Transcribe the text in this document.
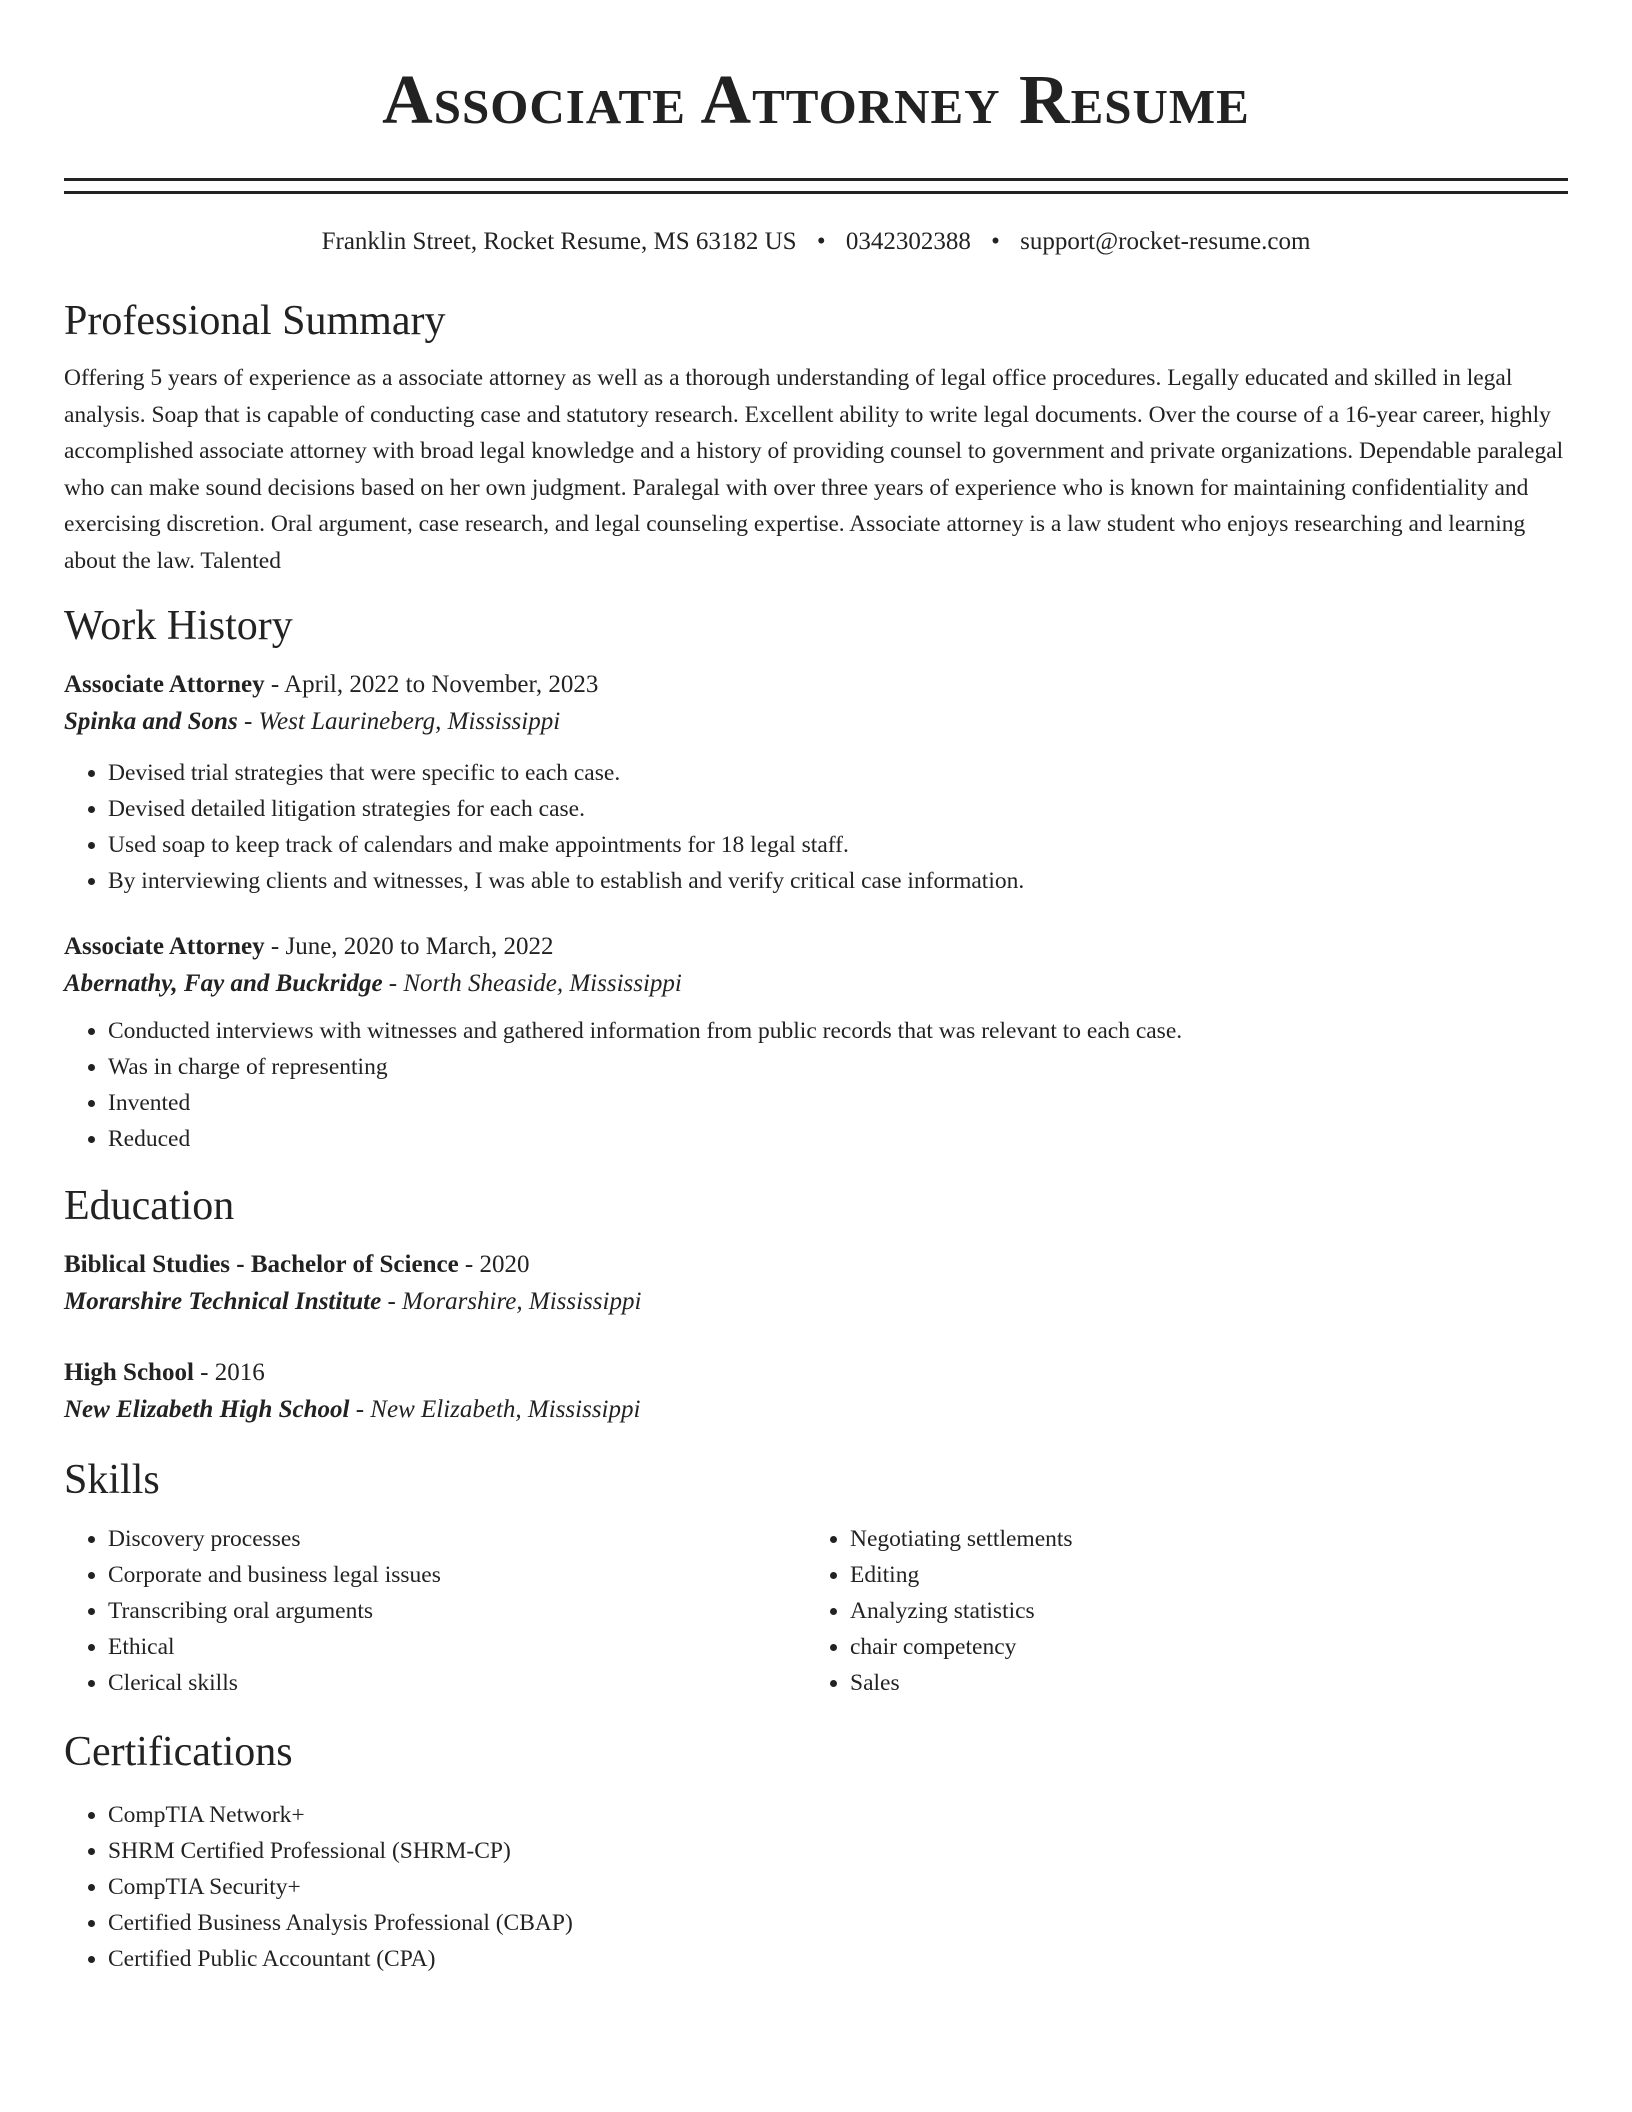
Associate Attorney Resume
Franklin Street, Rocket Resume, MS 63182 US • 0342302388 • support@rocket-resume.com
Professional Summary

Offering 5 years of experience as a associate attorney as well as a thorough understanding of legal office procedures. Legally educated and skilled in legal analysis. Soap that is capable of conducting case and statutory research. Excellent ability to write legal documents. Over the course of a 16-year career, highly accomplished associate attorney with broad legal knowledge and a history of providing counsel to government and private organizations. Dependable paralegal who can make sound decisions based on her own judgment. Paralegal with over three years of experience who is known for maintaining confidentiality and exercising discretion. Oral argument, case research, and legal counseling expertise. Associate attorney is a law student who enjoys researching and learning about the law. Talented

Work History

Associate Attorney - April, 2022 to November, 2023

Spinka and Sons - West Laurineberg, Mississippi

• Devised trial strategies that were specific to each case.
• Devised detailed litigation strategies for each case.
• Used soap to keep track of calendars and make appointments for 18 legal staff.
• By interviewing clients and witnesses, I was able to establish and verify critical case information.

Associate Attorney - June, 2020 to March, 2022

Abernathy, Fay and Buckridge - North Sheaside, Mississippi

• Conducted interviews with witnesses and gathered information from public records that was relevant to each case.
• Was in charge of representing
• Invented
• Reduced
Education

Biblical Studies - Bachelor of Science - 2020

Morarshire Technical Institute - Morarshire, Mississippi

High School - 2016

New Elizabeth High School - New Elizabeth, Mississippi

Skills
• Discovery processes
• Corporate and business legal issues
• Transcribing oral arguments
• Ethical
• Clerical skills
• Negotiating settlements
• Editing
• Analyzing statistics
• chair competency
• Sales
Certifications
• CompTIA Network+
• SHRM Certified Professional (SHRM-CP)
• CompTIA Security+
• Certified Business Analysis Professional (CBAP)
• Certified Public Accountant (CPA)
